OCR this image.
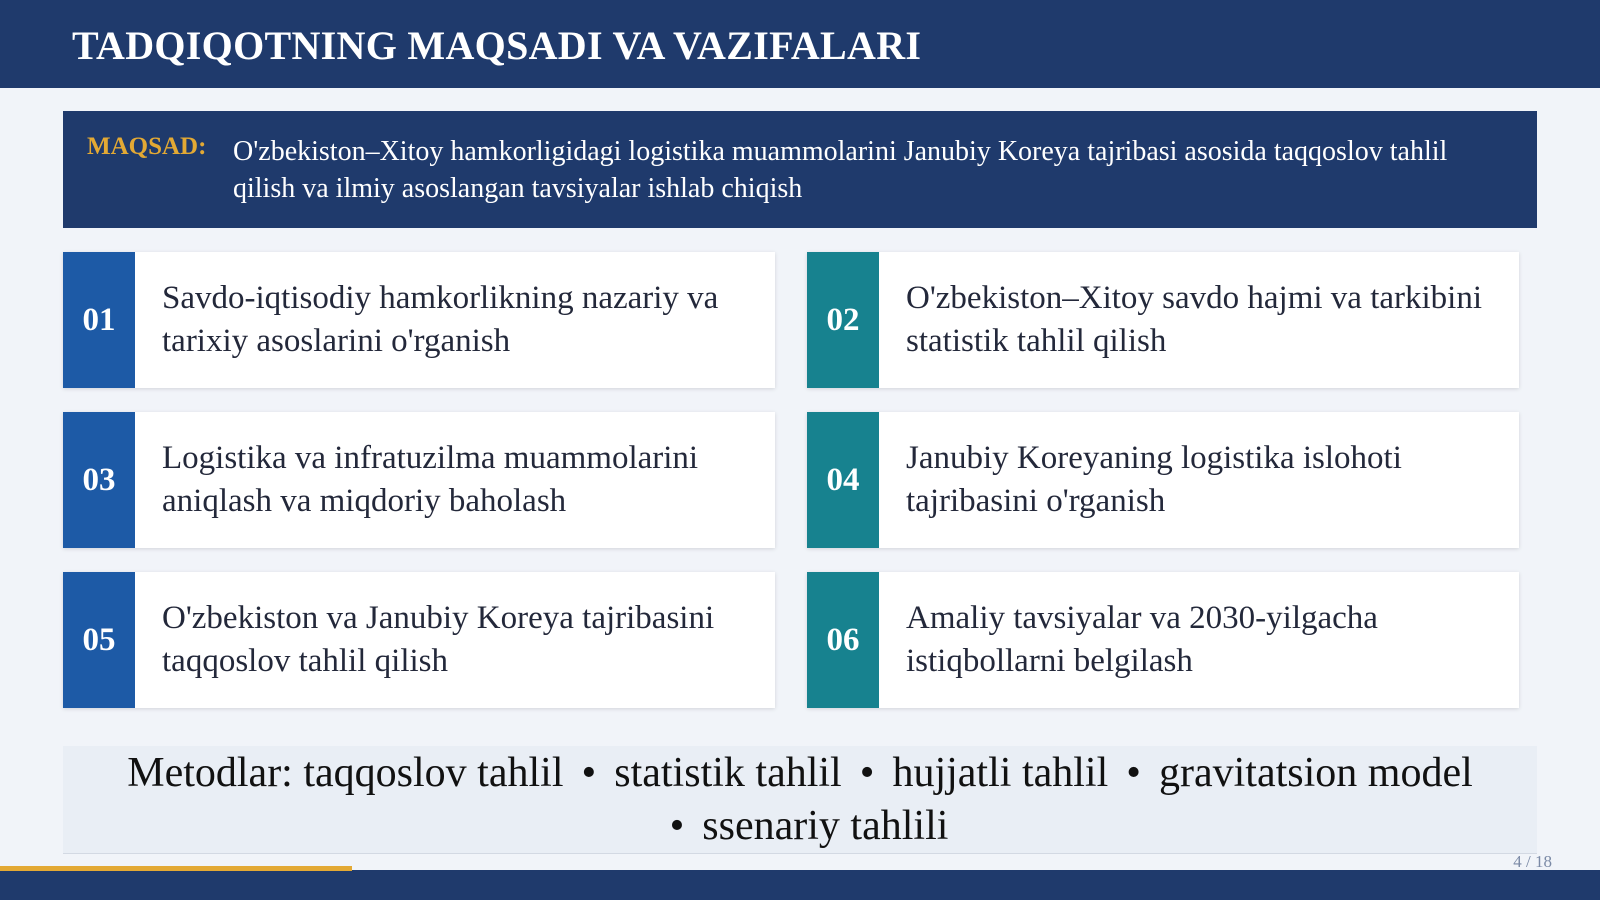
TADQIQOTNING MAQSADI VA VAZIFALARI
MAQSAD: O'zbekiston–Xitoy hamkorligidagi logistika muammolarini Janubiy Koreya tajribasi asosida taqqoslov tahlil qilish va ilmiy asoslangan tavsiyalar ishlab chiqish
01
Savdo-iqtisodiy hamkorlikning nazariy va tarixiy asoslarini o'rganish
02
O'zbekiston–Xitoy savdo hajmi va tarkibini statistik tahlil qilish
03
Logistika va infratuzilma muammolarini aniqlash va miqdoriy baholash
04
Janubiy Koreyaning logistika islohoti tajribasini o'rganish
05
O'zbekiston va Janubiy Koreya tajribasini taqqoslov tahlil qilish
06
Amaliy tavsiyalar va 2030-yilgacha istiqbollarni belgilash
Metodlar: taqqoslov tahlil • statistik tahlil • hujjatli tahlil • gravitatsion model• ssenariy tahlili
4 / 18
